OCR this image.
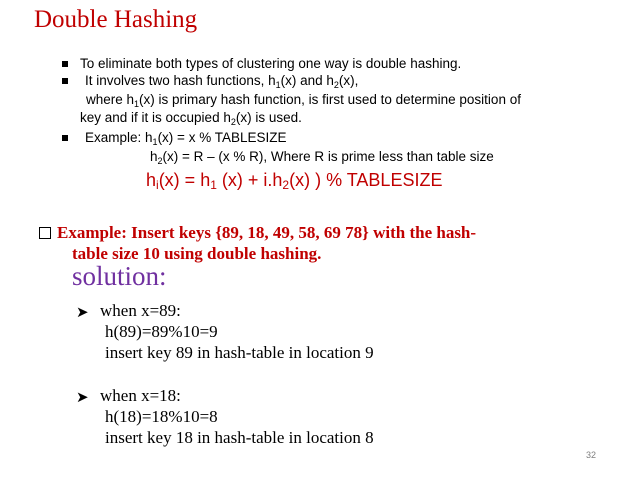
Double Hashing
To eliminate both types of clustering one way is double hashing.
It involves two hash functions, $h_1(x)$ and $h_2(x)$,
where $h_1(x)$ is primary hash function, is first used to determine position of
key and if it is occupied $h_2(x)$ is used.
Example: $h_1(x) = x$ % TABLESIZE
$h_2(x) = R - (x$ % R), Where R is prime less than table size
$h_i(x) = h_1$ $(x) + i.h_2(x)$ ) % TABLESIZE
Example: Insert keys {89, 18, 49, 58, 69 78} with the hash-
table size 10 using double hashing.
solution:
➤ when x=89:
h(89)=89%10=9
insert key 89 in hash-table in location 9
➤ when x=18:
h(18)=18%10=8
insert key 18 in hash-table in location 8
32
